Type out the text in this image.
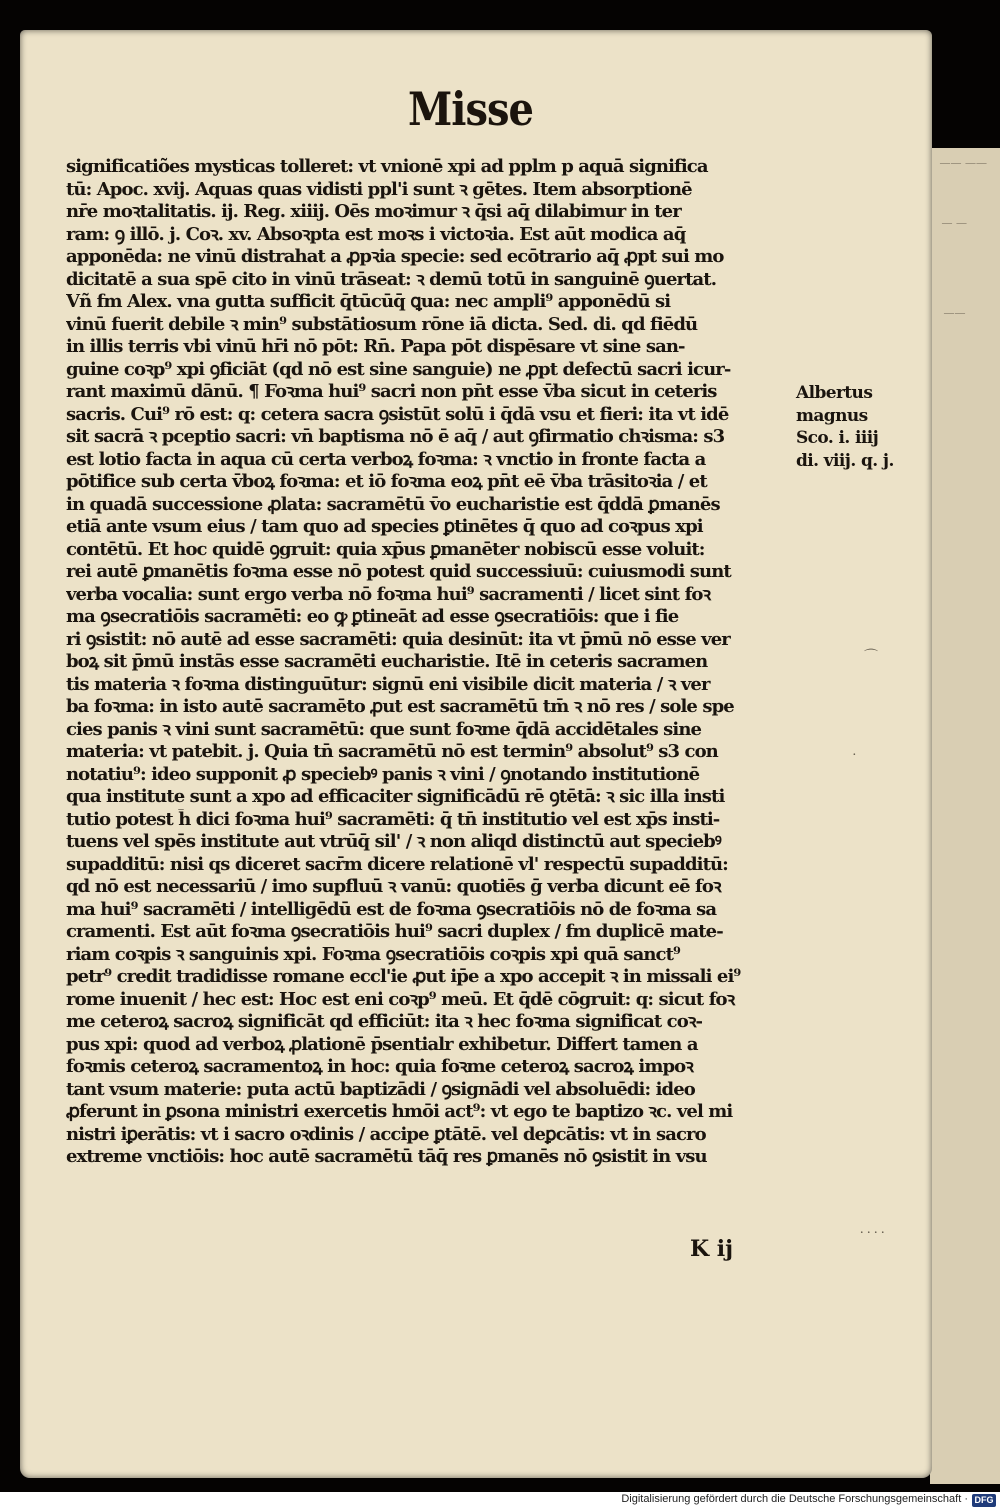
—— ——
— —
——
Misse
significatiões mysticas tolleret: vt vnionē xpi ad pplm p aquā significa
tū: Apoc. xvij. Aquas quas vidisti ppl'i sunt ꝛ gētes. Item absorptionē
nr̄e moꝛtalitatis. ij. Reg. xiiij. Oēs moꝛimur ꝛ q̄si aq̄ dilabimur in ter
ram: ꝯ illō. j. Coꝛ. xv. Absoꝛpta est moꝛs i victoꝛia. Est aūt modica aq̄
apponēda: ne vinū distrahat a ꝓpꝛia specie: sed ecōtrario aq̄ ꝓpt sui mo
dicitatē a sua spē cito in vinū trāseat: ꝛ demū totū in sanguinē ꝯuertat.
Vñ fm Alex. vna gutta sufficit q̄tūcūq̄ ꝗua: nec ampli⁹ apponēdū si
vinū fuerit debile ꝛ min⁹ substātiosum rōne iā dicta. Sed. di. qd fiēdū
in illis terris vbi vinū hr̄i nō pōt: Rn̄. Papa pōt dispēsare vt sine san-
guine coꝛp⁹ xpi ꝯficiāt (qd nō est sine sanguie) ne ꝓpt defectū sacri icur-
rant maximū dānū. ¶ Foꝛma hui⁹ sacri non pn̄t esse v̄ba sicut in ceteris
sacris. Cui⁹ rō est: q: cetera sacra ꝯsistūt solū i q̄dā vsu et fieri: ita vt idē
sit sacrā ꝛ pceptio sacri: vn̄ baptisma nō ē aq̄ / aut ꝯfirmatio chꝛisma: s3
est lotio facta in aqua cū certa verboꝝ foꝛma: ꝛ vnctio in fronte facta a
pōtifice sub certa v̄boꝝ foꝛma: et iō foꝛma eoꝝ pn̄t eē v̄ba trāsitoꝛia / et
in quadā successione ꝓlata: sacramētū v̄o eucharistie est q̄ddā ꝑmanēs
etiā ante vsum eius / tam quo ad species ꝑtinētes q̄ quo ad coꝛpus xpi
contētū. Et hoc quidē ꝯgruit: quia xp̄us ꝑmanēter nobiscū esse voluit:
rei autē ꝑmanētis foꝛma esse nō potest quid successiuū: cuiusmodi sunt
verba vocalia: sunt ergo verba nō foꝛma hui⁹ sacramenti / licet sint foꝛ
ma ꝯsecratiōis sacramēti: eo ꝙ ꝑtineāt ad esse ꝯsecratiōis: que i fie
ri ꝯsistit: nō autē ad esse sacramēti: quia desinūt: ita vt p̄mū nō esse ver
boꝝ sit p̄mū instās esse sacramēti eucharistie. Itē in ceteris sacramen
tis materia ꝛ foꝛma distinguūtur: signū eni visibile dicit materia / ꝛ ver
ba foꝛma: in isto autē sacramēto ꝓut est sacramētū tm̄ ꝛ nō res / sole spe
cies panis ꝛ vini sunt sacramētū: que sunt foꝛme q̄dā accidētales sine
materia: vt patebit. j. Quia tn̄ sacramētū nō est termin⁹ absolut⁹ s3 con
notatiu⁹: ideo supponit ꝓ speciebꝰ panis ꝛ vini / ꝯnotando institutionē
qua institute sunt a xpo ad efficaciter significādū rē ꝯtētā: ꝛ sic illa insti
tutio potest h̄ dici foꝛma hui⁹ sacramēti: q̄ tn̄ institutio vel est xp̄s insti-
tuens vel spēs institute aut vtrūq̄ sil' / ꝛ non aliqd distinctū aut speciebꝰ
supadditū: nisi qs diceret sacr̄m dicere relationē vl' respectū supadditū:
qd nō est necessariū / imo supfluū ꝛ vanū: quotiēs ḡ verba dicunt eē foꝛ
ma hui⁹ sacramēti / intelligēdū est de foꝛma ꝯsecratiōis nō de foꝛma sa
cramenti. Est aūt foꝛma ꝯsecratiōis hui⁹ sacri duplex / fm duplicē mate-
riam coꝛpis ꝛ sanguinis xpi. Foꝛma ꝯsecratiōis coꝛpis xpi quā sanct⁹
petr⁹ credit tradidisse romane eccl'ie ꝓut ip̄e a xpo accepit ꝛ in missali ei⁹
rome inuenit / hec est: Hoc est eni coꝛp⁹ meū. Et q̄dē cōgruit: q: sicut foꝛ
me ceteroꝝ sacroꝝ significāt qd efficiūt: ita ꝛ hec foꝛma significat coꝛ-
pus xpi: quod ad verboꝝ ꝓlationē p̄sentialr exhibetur. Differt tamen a
foꝛmis ceteroꝝ sacramentoꝝ in hoc: quia foꝛme ceteroꝝ sacroꝝ impoꝛ
tant vsum materie: puta actū baptizādi / ꝯsignādi vel absoluēdi: ideo
ꝓferunt in ꝑsona ministri exercetis hmōi act⁹: vt ego te baptizo ꝛc. vel mi
nistri iꝑerātis: vt i sacro oꝛdinis / accipe ꝑtātē. vel deꝑcātis: vt in sacro
extreme vnctiōis: hoc autē sacramētū tāq̄ res ꝑmanēs nō ꝯsistit in vsu
Albertus
magnus
Sco. i. iiij
di. viij. q. j.
⌒
·
. . . .
K ij
Digitalisierung gefördert durch die Deutsche Forschungsgemeinschaft · DFG
